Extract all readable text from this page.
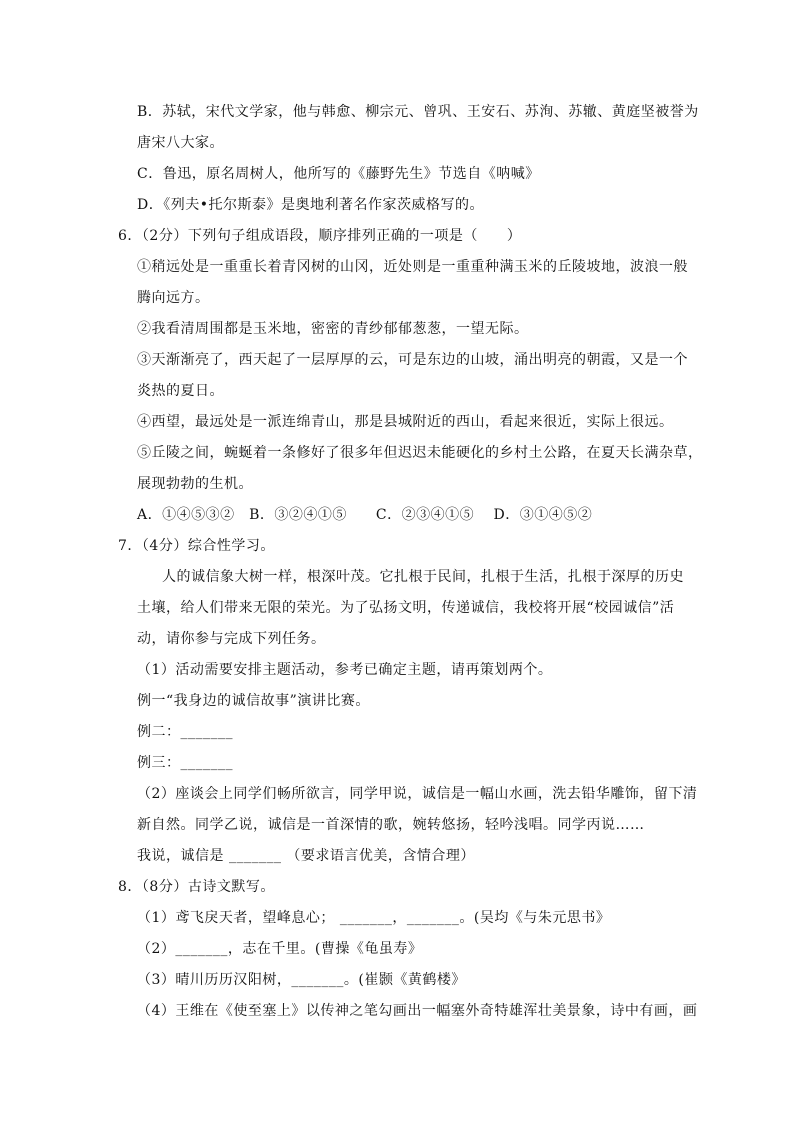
B．苏轼，宋代文学家，他与韩愈、柳宗元、曾巩、王安石、苏洵、苏辙、黄庭坚被誉为
唐宋八大家。
C．鲁迅，原名周树人，他所写的《藤野先生》节选自《呐喊》
D．《列夫•托尔斯泰》是奥地利著名作家茨威格写的。
6．（2分）下列句子组成语段，顺序排列正确的一项是（　　）
①稍远处是一重重长着青冈树的山冈，近处则是一重重种满玉米的丘陵坡地，波浪一般
腾向远方。
②我看清周围都是玉米地，密密的青纱郁郁葱葱，一望无际。
③天渐渐亮了，西天起了一层厚厚的云，可是东边的山坡，涌出明亮的朝霞，又是一个
炎热的夏日。
④西望，最远处是一派连绵青山，那是县城附近的西山，看起来很近，实际上很远。
⑤丘陵之间，蜿蜒着一条修好了很多年但迟迟未能硬化的乡村土公路，在夏天长满杂草，
展现勃勃的生机。
A．①④⑤③②　B．③②④①⑤　　C．②③④①⑤　 D．③①④⑤②
7．（4分）综合性学习。
人的诚信象大树一样，根深叶茂。它扎根于民间，扎根于生活，扎根于深厚的历史
土壤，给人们带来无限的荣光。为了弘扬文明，传递诚信，我校将开展“校园诚信”活
动，请你参与完成下列任务。
（1）活动需要安排主题活动，参考已确定主题，请再策划两个。
例一“我身边的诚信故事”演讲比赛。
例二：_______
例三：_______
（2）座谈会上同学们畅所欲言，同学甲说，诚信是一幅山水画，洗去铅华雕饰，留下清
新自然。同学乙说，诚信是一首深情的歌，婉转悠扬，轻吟浅唱。同学丙说……
我说，诚信是 _______ （要求语言优美，含情合理）
8．（8分）古诗文默写。
（1）鸢飞戾天者，望峰息心； _______，_______。(吴均《与朱元思书》
（2）_______，志在千里。(曹操《龟虽寿》
（3）晴川历历汉阳树，_______。(崔颢《黄鹤楼》
（4）王维在《使至塞上》以传神之笔勾画出一幅塞外奇特雄浑壮美景象，诗中有画，画
